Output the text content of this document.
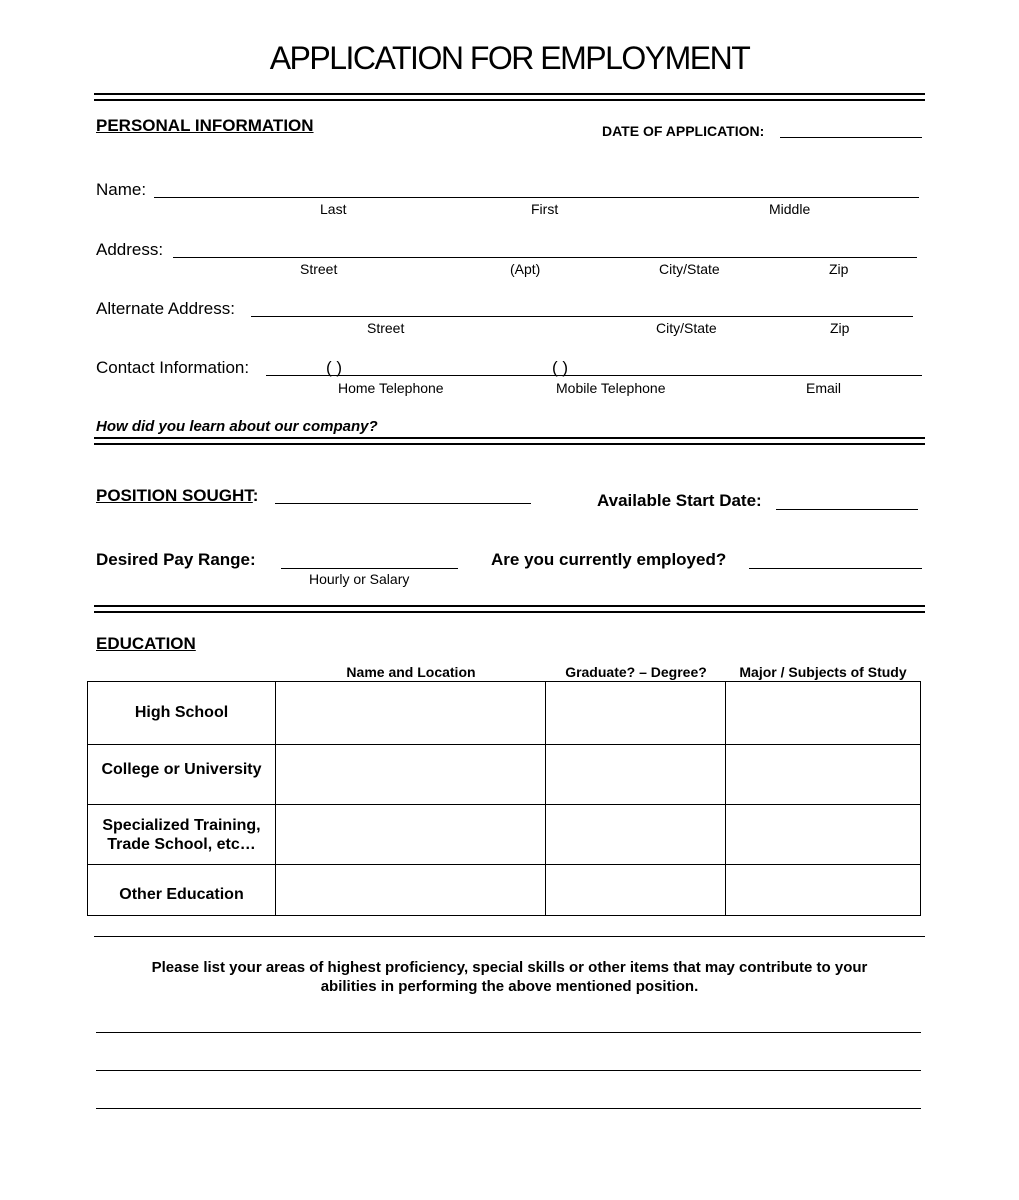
APPLICATION FOR EMPLOYMENT
PERSONAL INFORMATION	DATE OF APPLICATION:
Name:
Last	First	Middle
Address:
Street	(Apt)	City/State	Zip
Alternate Address:
Street	City/State	Zip
Contact Information:	( )	( )
Home Telephone	Mobile Telephone	Email
How did you learn about our company?
POSITION SOUGHT:	Available Start Date:
Desired Pay Range:
Hourly or Salary
Are you currently employed?
EDUCATION
Name and Location	Graduate? – Degree?	Major / Subjects of Study
High School
College or University
Specialized Training, Trade School, etc…
Other Education
Please list your areas of highest proficiency, special skills or other items that may contribute to your
abilities in performing the above mentioned position.
